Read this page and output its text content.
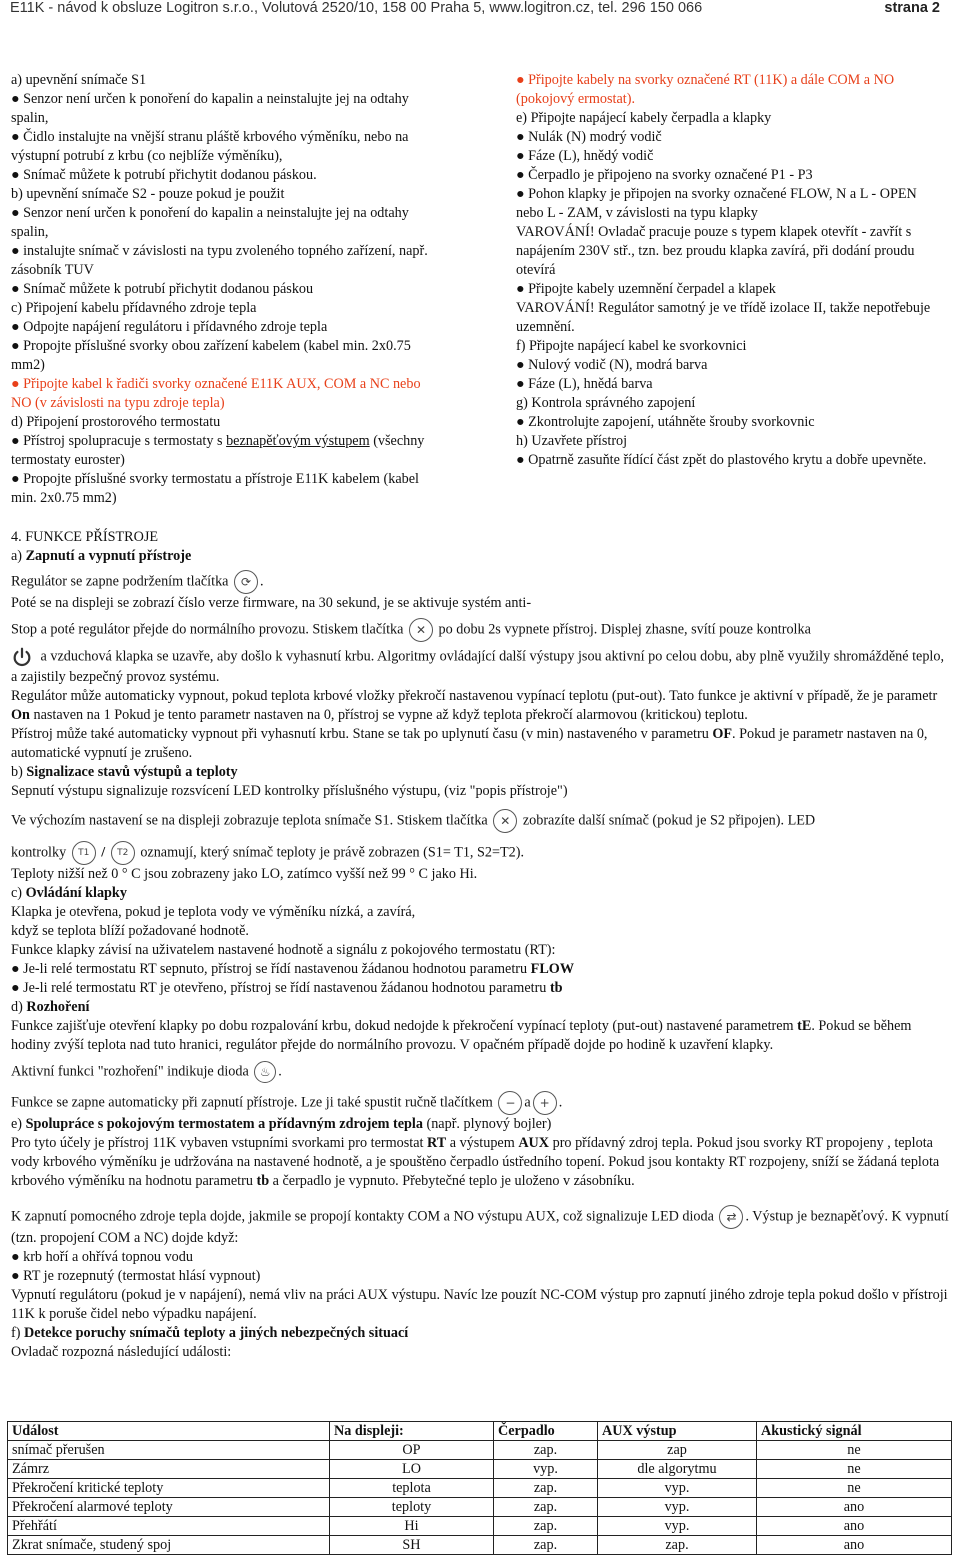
E11K - návod k obsluze Logitron s.r.o., Volutová 2520/10, 158 00 Praha 5, www.logitron.cz, tel. 296 150 066	strana 2

a) upevnění snímače S1

● Senzor není určen k ponoření do kapalin a neinstalujte jej na odtahy spalin,

● Čidlo instalujte na vnější stranu pláště krbového výměníku, nebo na výstupní potrubí z krbu (co nejblíže výměníku),

● Snímač můžete k potrubí přichytit dodanou páskou.

b) upevnění snímače S2 - pouze pokud je použit

● Senzor není určen k ponoření do kapalin a neinstalujte jej na odtahy spalin,

● instalujte snímač v závislosti na typu zvoleného topného zařízení, např. zásobník TUV

● Snímač můžete k potrubí přichytit dodanou páskou

c) Připojení kabelu přídavného zdroje tepla

● Odpojte napájení regulátoru i přídavného zdroje tepla

● Propojte příslušné svorky obou zařízení kabelem (kabel min. 2x0.75 mm2)

● Připojte kabel k řadiči svorky označené E11K AUX, COM a NC nebo NO (v závislosti na typu zdroje tepla)

d) Připojení prostorového termostatu

● Přístroj spolupracuje s termostaty s beznapěťovým výstupem (všechny termostaty euroster)

● Propojte příslušné svorky termostatu a přístroje E11K kabelem (kabel min. 2x0.75 mm2)

● Připojte kabely na svorky označené RT (11K) a dále COM a NO (pokojový ermostat).

e) Připojte napájecí kabely čerpadla a klapky

● Nulák (N) modrý vodič

● Fáze (L), hnědý vodič

● Čerpadlo je připojeno na svorky označené P1 - P3

● Pohon klapky je připojen na svorky označené FLOW, N a L - OPEN nebo L - ZAM, v závislosti na typu klapky

VAROVÁNÍ! Ovladač pracuje pouze s typem klapek otevřít - zavřít s napájením 230V stř., tzn. bez proudu klapka zavírá, při dodání proudu otevírá

● Připojte kabely uzemnění čerpadel a klapek

VAROVÁNÍ! Regulátor samotný je ve třídě izolace II, takže nepotřebuje uzemnění.

f) Připojte napájecí kabel ke svorkovnici

● Nulový vodič (N), modrá barva

● Fáze (L), hnědá barva

g) Kontrola správného zapojení

● Zkontrolujte zapojení, utáhněte šrouby svorkovnic

h) Uzavřete přístroj

● Opatrně zasuňte řídící část zpět do plastového krytu a dobře upevněte.

4. FUNKCE PŘÍSTROJE

a) Zapnutí a vypnutí přístroje

Regulátor se zapne podržením tlačítka ⟳ .

Poté se na displeji se zobrazí číslo verze firmware, na 30 sekund, je se aktivuje systém anti-

Stop a poté regulátor přejde do normálního provozu. Stiskem tlačítka ✕ po dobu 2s vypnete přístroj. Displej zhasne, svítí pouze kontrolka

a vzduchová klapka se uzavře, aby došlo k vyhasnutí krbu. Algoritmy ovládající další výstupy jsou aktivní po celou dobu, aby plně využily shromážděné teplo, a zajistily bezpečný provoz systému.

Regulátor může automaticky vypnout, pokud teplota krbové vložky překročí nastavenou vypínací teplotu (put-out). Tato funkce je aktivní v případě, že je parametr On nastaven na 1 Pokud je tento parametr nastaven na 0, přístroj se vypne až když teplota překročí alarmovou (kritickou) teplotu.

Přístroj může také automaticky vypnout při vyhasnutí krbu. Stane se tak po uplynutí času (v min) nastaveného v parametru OF. Pokud je parametr nastaven na 0, automatické vypnutí je zrušeno.

b) Signalizace stavů výstupů a teploty

Sepnutí výstupu signalizuje rozsvícení LED kontrolky příslušného výstupu, (viz "popis přístroje")

Ve výchozím nastavení se na displeji zobrazuje teplota snímače S1. Stiskem tlačítka ✕ zobrazíte další snímač (pokud je S2 připojen). LED

kontrolky T1 / T2 oznamují, který snímač teploty je právě zobrazen (S1= T1, S2=T2).

Teploty nižší než 0 ° C jsou zobrazeny jako LO, zatímco vyšší než 99 ° C jako Hi.

c) Ovládání klapky

Klapka je otevřena, pokud je teplota vody ve výměníku nízká, a zavírá, když se teplota blíží požadované hodnotě.

Funkce klapky závisí na uživatelem nastavené hodnotě a signálu z pokojového termostatu (RT):

● Je-li relé termostatu RT sepnuto, přístroj se řídí nastavenou žádanou hodnotou parametru FLOW

● Je-li relé termostatu RT je otevřeno, přístroj se řídí nastavenou žádanou hodnotou parametru tb

d) Rozhoření

Funkce zajišťuje otevření klapky po dobu rozpalování krbu, dokud nedojde k překročení vypínací teploty (put-out) nastavené parametrem tE. Pokud se během

hodiny zvýší teplota nad tuto hranici, regulátor přejde do normálního provozu. V opačném případě dojde po hodině k uzavření klapky.

Aktivní funkci "rozhoření" indikuje dioda ♨ .

Funkce se zapne automaticky při zapnutí přístroje. Lze ji také spustit ručně tlačítkem − a + .

e) Spolupráce s pokojovým termostatem a přídavným zdrojem tepla (např. plynový bojler)

Pro tyto účely je přístroj 11K vybaven vstupními svorkami pro termostat RT a výstupem AUX pro přídavný zdroj tepla. Pokud jsou svorky RT propojeny , teplota vody krbového výměníku je udržována na nastavené hodnotě, a je spouštěno čerpadlo ústředního topení. Pokud jsou kontakty RT rozpojeny, sníží se žádaná teplota krbového výměníku na hodnotu parametru tb a čerpadlo je vypnuto. Přebytečné teplo je uloženo v zásobníku.

K zapnutí pomocného zdroje tepla dojde, jakmile se propojí kontakty COM a NO výstupu AUX, což signalizuje LED dioda ⇄ . Výstup je beznapěťový. K vypnutí (tzn. propojení COM a NC) dojde když:

● krb hoří a ohřívá topnou vodu

● RT je rozepnutý (termostat hlásí vypnout)

Vypnutí regulátoru (pokud je v napájení), nemá vliv na práci AUX výstupu. Navíc lze pouzít NC-COM výstup pro zapnutí jiného zdroje tepla pokud došlo v přístroji 11K k poruše čidel nebo výpadku napájení.

f) Detekce poruchy snímačů teploty a jiných nebezpečných situací

Ovladač rozpozná následující události:

Událost	Na displeji:	Čerpadlo	AUX výstup	Akustický signál
snímač přerušen	OP	zap.	zap	ne
Zámrz	LO	vyp.	dle algorytmu	ne
Překročení kritické teploty	teplota	zap.	vyp.	ne
Překročení alarmové teploty	teploty	zap.	vyp.	ano
Přehřátí	Hi	zap.	vyp.	ano
Zkrat snímače, studený spoj	SH	zap.	zap.	ano
